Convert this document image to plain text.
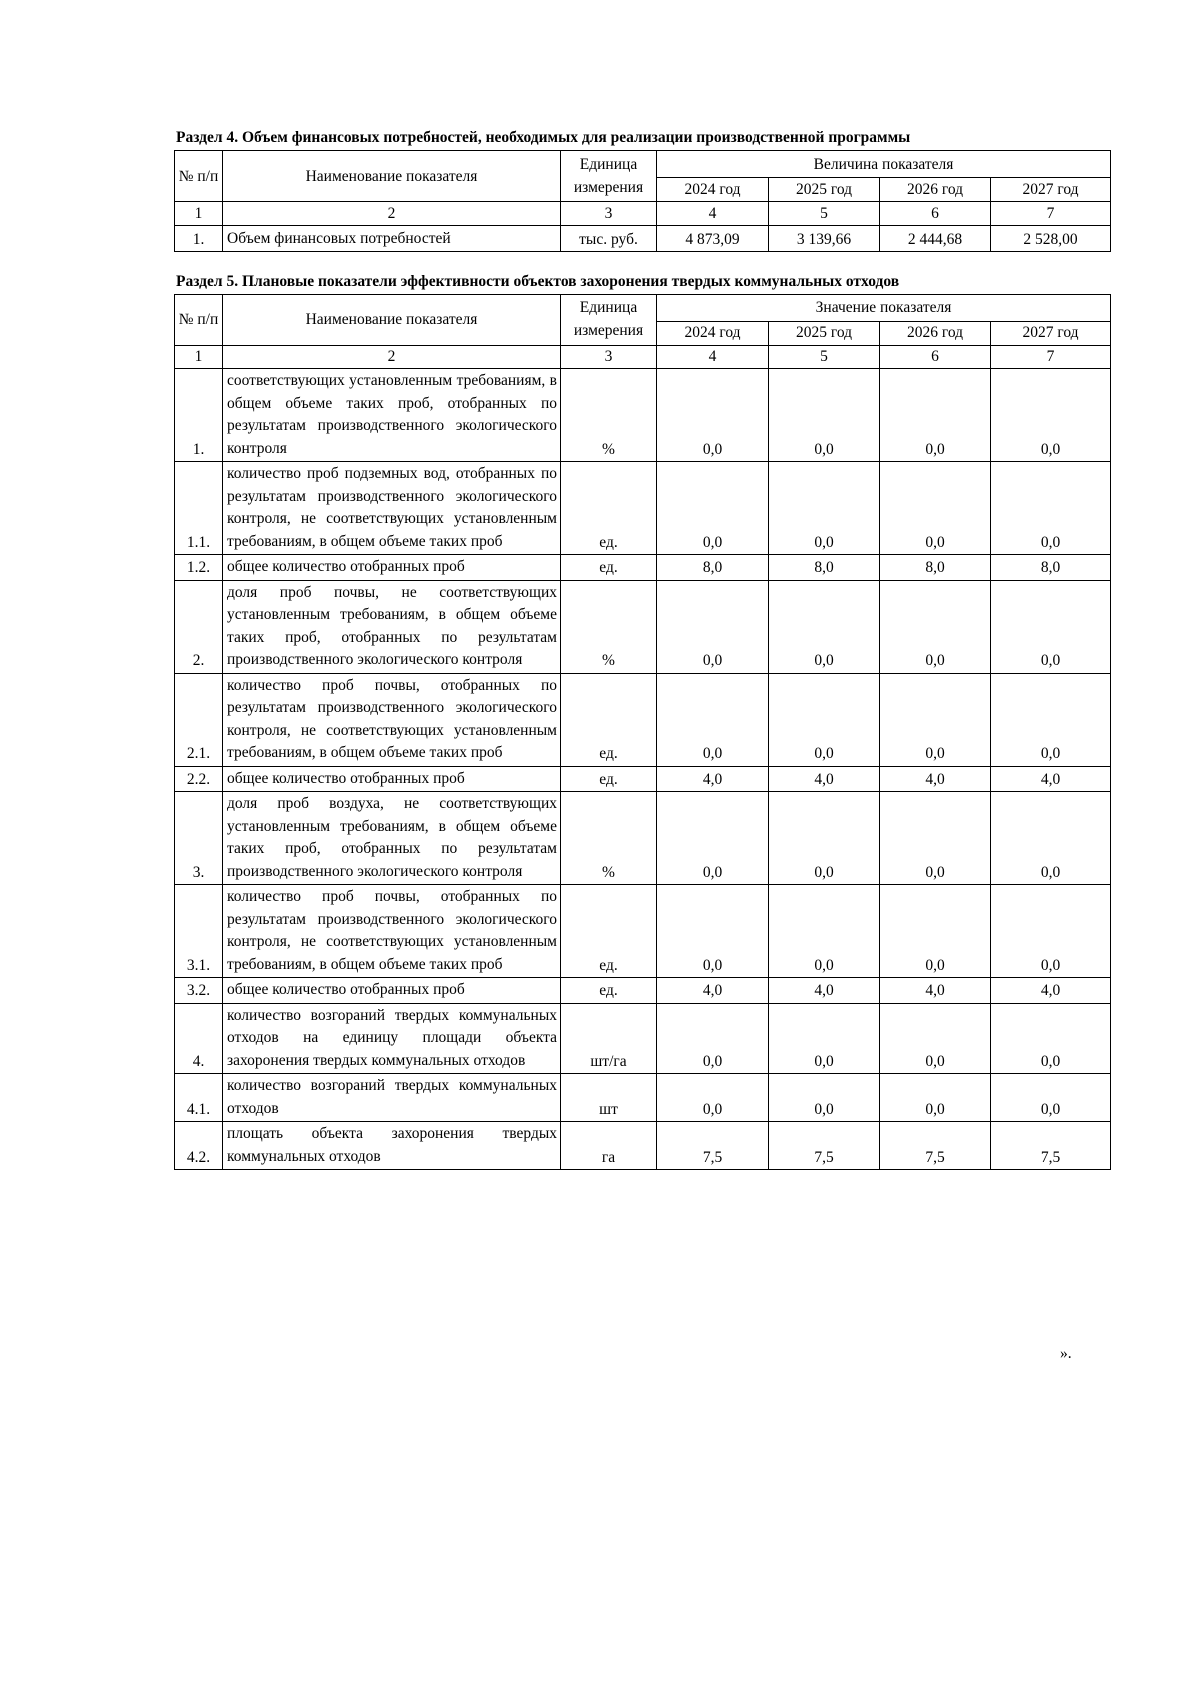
Раздел 4. Объем финансовых потребностей, необходимых для реализации производственной программы
№ п/п	Наименование показателя	Единица измерения	Величина показателя			
			2024 год	2025 год	2026 год	2027 год
1	2	3	4	5	6	7
1.	Объем финансовых потребностей	тыс. руб.	4 873,09	3 139,66	2 444,68	2 528,00
Раздел 5. Плановые показатели эффективности объектов захоронения твердых коммунальных отходов
№ п/п	Наименование показателя	Единица измерения	Значение показателя			
			2024 год	2025 год	2026 год	2027 год
1	2	3	4	5	6	7
1.	соответствующих установленным требованиям, в общем объеме таких проб, отобранных по результатам производственного экологического контроля	%	0,0	0,0	0,0	0,0
1.1.	количество проб подземных вод, отобранных по результатам производственного экологического контроля, не соответствующих установленным требованиям, в общем объеме таких проб	ед.	0,0	0,0	0,0	0,0
1.2.	общее количество отобранных проб	ед.	8,0	8,0	8,0	8,0
2.	доля проб почвы, не соответствующих установленным требованиям, в общем объеме таких проб, отобранных по результатам производственного экологического контроля	%	0,0	0,0	0,0	0,0
2.1.	количество проб почвы, отобранных по результатам производственного экологического контроля, не соответствующих установленным требованиям, в общем объеме таких проб	ед.	0,0	0,0	0,0	0,0
2.2.	общее количество отобранных проб	ед.	4,0	4,0	4,0	4,0
3.	доля проб воздуха, не соответствующих установленным требованиям, в общем объеме таких проб, отобранных по результатам производственного экологического контроля	%	0,0	0,0	0,0	0,0
3.1.	количество проб почвы, отобранных по результатам производственного экологического контроля, не соответствующих установленным требованиям, в общем объеме таких проб	ед.	0,0	0,0	0,0	0,0
3.2.	общее количество отобранных проб	ед.	4,0	4,0	4,0	4,0
4.	количество возгораний твердых коммунальных отходов на единицу площади объекта захоронения твердых коммунальных отходов	шт/га	0,0	0,0	0,0	0,0
4.1.	количество возгораний твердых коммунальных отходов	шт	0,0	0,0	0,0	0,0
4.2.	площать объекта захоронения твердых коммунальных отходов	га	7,5	7,5	7,5	7,5
».
